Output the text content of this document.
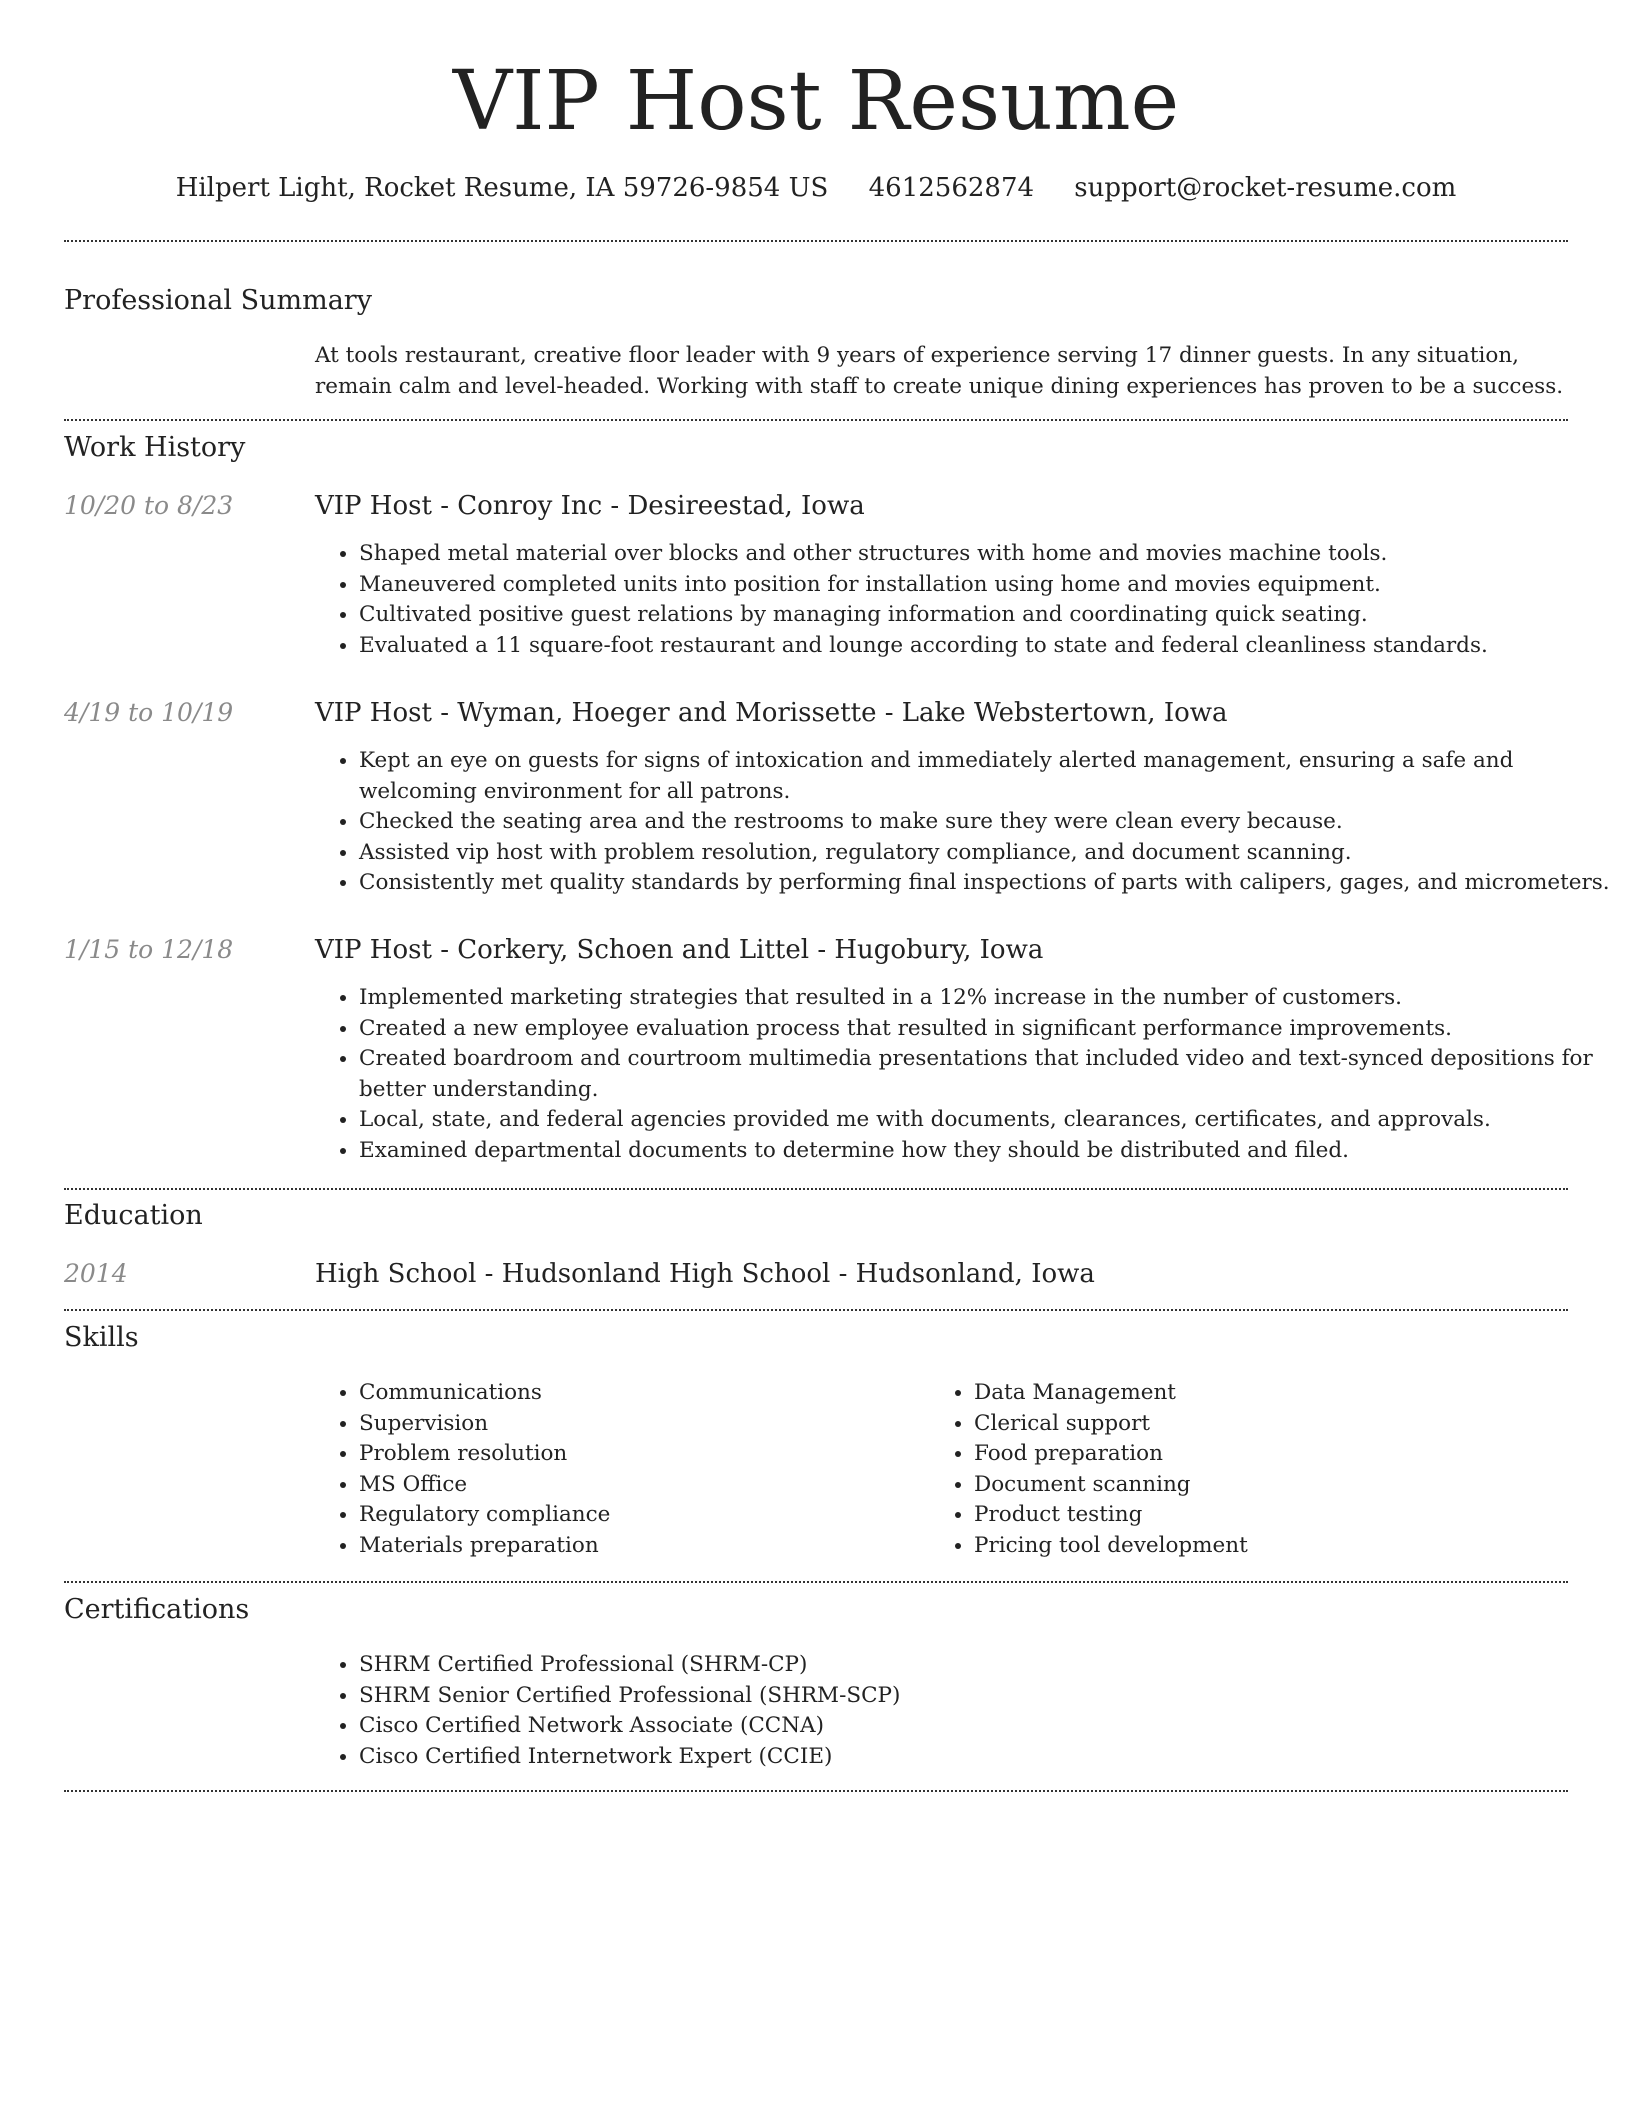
VIP Host Resume
Hilpert Light, Rocket Resume, IA 59726-9854 US 4612562874 support@rocket-resume.com
Professional Summary
At tools restaurant, creative floor leader with 9 years of experience serving 17 dinner guests. In any situation, remain calm and level-headed. Working with staff to create unique dining experiences has proven to be a success.
Work History
10/20 to 8/23	VIP Host - Conroy Inc - Desireestad, Iowa
• Shaped metal material over blocks and other structures with home and movies machine tools.
• Maneuvered completed units into position for installation using home and movies equipment.
• Cultivated positive guest relations by managing information and coordinating quick seating.
• Evaluated a 11 square-foot restaurant and lounge according to state and federal cleanliness standards.
4/19 to 10/19	VIP Host - Wyman, Hoeger and Morissette - Lake Webstertown, Iowa
• Kept an eye on guests for signs of intoxication and immediately alerted management, ensuring a safe and welcoming environment for all patrons.
• Checked the seating area and the restrooms to make sure they were clean every because.
• Assisted vip host with problem resolution, regulatory compliance, and document scanning.
• Consistently met quality standards by performing final inspections of parts with calipers, gages, and micrometers.
1/15 to 12/18	VIP Host - Corkery, Schoen and Littel - Hugobury, Iowa
• Implemented marketing strategies that resulted in a 12% increase in the number of customers.
• Created a new employee evaluation process that resulted in significant performance improvements.
• Created boardroom and courtroom multimedia presentations that included video and text-synced depositions for better understanding.
• Local, state, and federal agencies provided me with documents, clearances, certificates, and approvals.
• Examined departmental documents to determine how they should be distributed and filed.
Education
2014	High School - Hudsonland High School - Hudsonland, Iowa
Skills
• Communications
• Supervision
• Problem resolution
• MS Office
• Regulatory compliance
• Materials preparation
• Data Management
• Clerical support
• Food preparation
• Document scanning
• Product testing
• Pricing tool development
Certifications
• SHRM Certified Professional (SHRM-CP)
• SHRM Senior Certified Professional (SHRM-SCP)
• Cisco Certified Network Associate (CCNA)
• Cisco Certified Internetwork Expert (CCIE)
